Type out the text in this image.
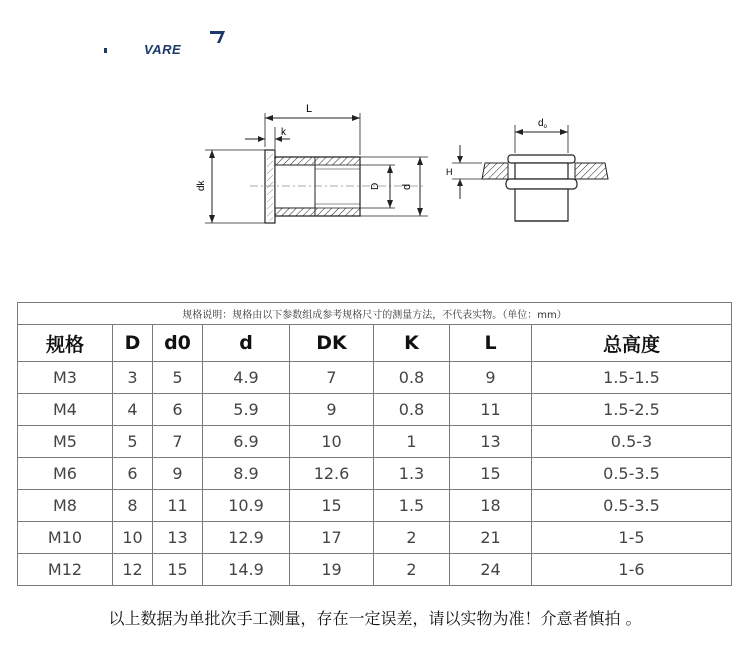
VARE
dk
L
k
D d
$d_o$
H
规格说明：规格由以下参数组成参考规格尺寸的测量方法，不代表实物。（单位：mm）							
规格	D	d0	d	DK	K	L	总高度
M3	3	5	4.9	7	0.8	9	1.5-1.5
M4	4	6	5.9	9	0.8	11	1.5-2.5
M5	5	7	6.9	10	1	13	0.5-3
M6	6	9	8.9	12.6	1.3	15	0.5-3.5
M8	8	11	10.9	15	1.5	18	0.5-3.5
M10	10	13	12.9	17	2	21	1-5
M12	12	15	14.9	19	2	24	1-6
以上数据为单批次手工测量，存在一定误差，请以实物为准！介意者慎拍 。
